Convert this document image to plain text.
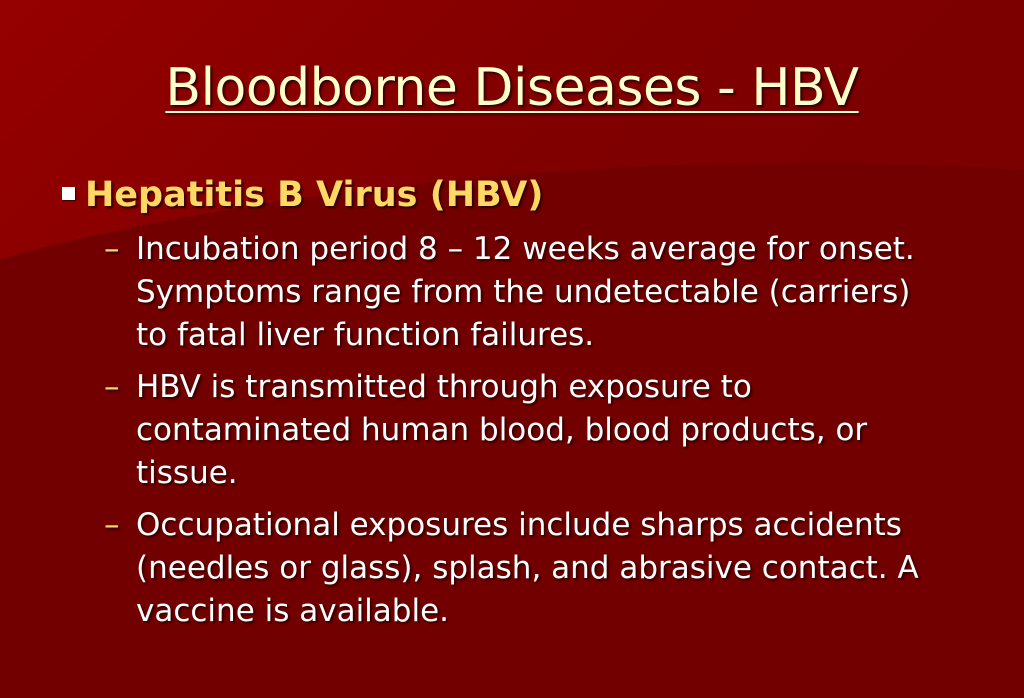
Bloodborne Diseases - HBV
Hepatitis B Virus (HBV)
– Incubation period 8 – 12 weeks average for onset.
Symptoms range from the undetectable (carriers)
to fatal liver function failures.
– HBV is transmitted through exposure to
contaminated human blood, blood products, or
tissue.
– Occupational exposures include sharps accidents
(needles or glass), splash, and abrasive contact. A
vaccine is available.
